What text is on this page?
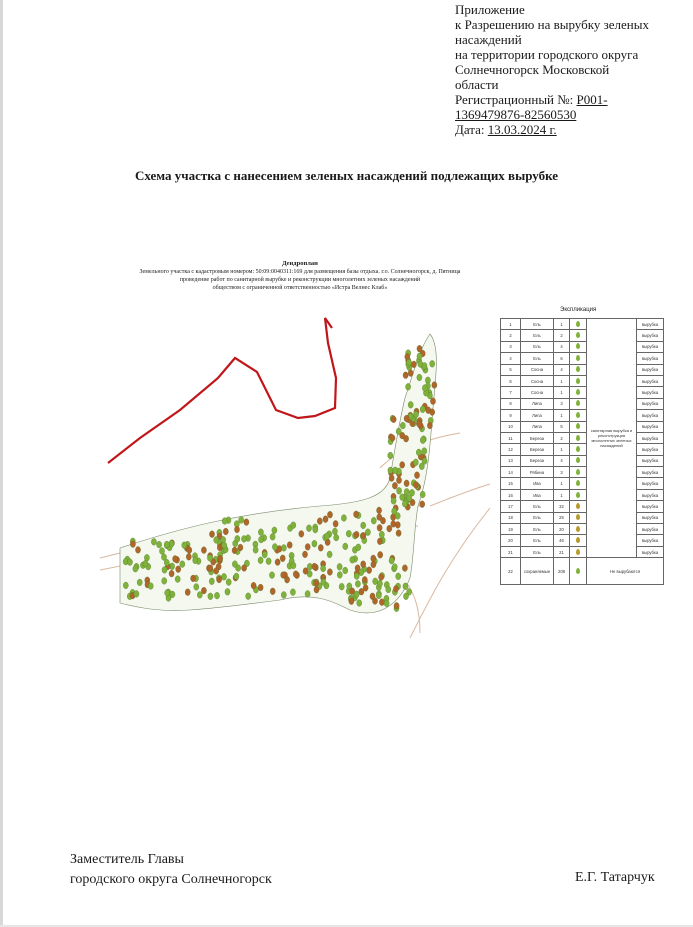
Приложение
к Разрешению на вырубку зеленых
насаждений
на территории городского округа
Солнечногорск Московской
области
Регистрационный №: P001-
1369479876-82560530
Дата: 13.03.2024 г.
Схема участка с нанесением зеленых насаждений подлежащих вырубке
Дендроплан
Земельного участка с кадастровым номером: 50:09:0040311:169 для размещения базы отдыха. г.о. Солнечногорск, д. Пятница
проведение работ по санитарной вырубке и реконструкции многолетних зеленых насаждений
обществом с ограниченной ответственностью «Истра Велнес Клаб»
Экспликация
1	Ель	1		санитарная вырубка и реконструкция многолетних зеленых насаждений	вырубка
2	Ель	2			вырубка
3	Ель	4			вырубка
4	Ель	6			вырубка
5	Сосна	4			вырубка
6	Сосна	1			вырубка
7	Сосна	1			вырубка
8	Липа	3			вырубка
9	Липа	1			вырубка
10	Липа	5			вырубка
11	Береза	2			вырубка
12	Береза	1			вырубка
13	Береза	4			вырубка
14	Рябина	3			вырубка
15	Ива	1			вырубка
16	Ива	1			вырубка
17	Ель	32			вырубка
18	Ель	25			вырубка
19	Ель	20			вырубка
20	Ель	46			вырубка
21	Ель	21			вырубка
22	сохраняемые	208		Не вырубаются	
Заместитель Главы
городского округа Солнечногорск	Е.Г. Татарчук
